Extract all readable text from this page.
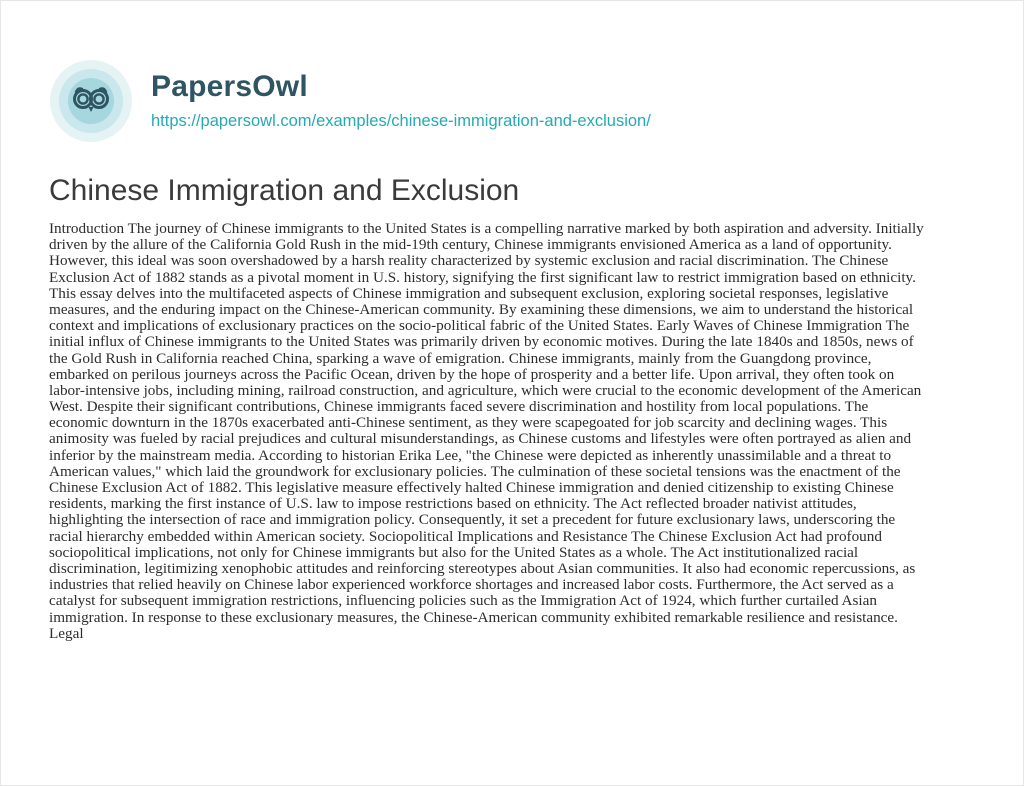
PapersOwl
https://papersowl.com/examples/chinese-immigration-and-exclusion/
Chinese Immigration and Exclusion
Introduction The journey of Chinese immigrants to the United States is a compelling narrative marked by both aspiration and adversity. Initially
driven by the allure of the California Gold Rush in the mid-19th century, Chinese immigrants envisioned America as a land of opportunity.
However, this ideal was soon overshadowed by a harsh reality characterized by systemic exclusion and racial discrimination. The Chinese
Exclusion Act of 1882 stands as a pivotal moment in U.S. history, signifying the first significant law to restrict immigration based on ethnicity.
This essay delves into the multifaceted aspects of Chinese immigration and subsequent exclusion, exploring societal responses, legislative
measures, and the enduring impact on the Chinese-American community. By examining these dimensions, we aim to understand the historical
context and implications of exclusionary practices on the socio-political fabric of the United States. Early Waves of Chinese Immigration The
initial influx of Chinese immigrants to the United States was primarily driven by economic motives. During the late 1840s and 1850s, news of
the Gold Rush in California reached China, sparking a wave of emigration. Chinese immigrants, mainly from the Guangdong province,
embarked on perilous journeys across the Pacific Ocean, driven by the hope of prosperity and a better life. Upon arrival, they often took on
labor-intensive jobs, including mining, railroad construction, and agriculture, which were crucial to the economic development of the American
West. Despite their significant contributions, Chinese immigrants faced severe discrimination and hostility from local populations. The
economic downturn in the 1870s exacerbated anti-Chinese sentiment, as they were scapegoated for job scarcity and declining wages. This
animosity was fueled by racial prejudices and cultural misunderstandings, as Chinese customs and lifestyles were often portrayed as alien and
inferior by the mainstream media. According to historian Erika Lee, "the Chinese were depicted as inherently unassimilable and a threat to
American values," which laid the groundwork for exclusionary policies. The culmination of these societal tensions was the enactment of the
Chinese Exclusion Act of 1882. This legislative measure effectively halted Chinese immigration and denied citizenship to existing Chinese
residents, marking the first instance of U.S. law to impose restrictions based on ethnicity. The Act reflected broader nativist attitudes,
highlighting the intersection of race and immigration policy. Consequently, it set a precedent for future exclusionary laws, underscoring the
racial hierarchy embedded within American society. Sociopolitical Implications and Resistance The Chinese Exclusion Act had profound
sociopolitical implications, not only for Chinese immigrants but also for the United States as a whole. The Act institutionalized racial
discrimination, legitimizing xenophobic attitudes and reinforcing stereotypes about Asian communities. It also had economic repercussions, as
industries that relied heavily on Chinese labor experienced workforce shortages and increased labor costs. Furthermore, the Act served as a
catalyst for subsequent immigration restrictions, influencing policies such as the Immigration Act of 1924, which further curtailed Asian
immigration. In response to these exclusionary measures, the Chinese-American community exhibited remarkable resilience and resistance.
Legal
